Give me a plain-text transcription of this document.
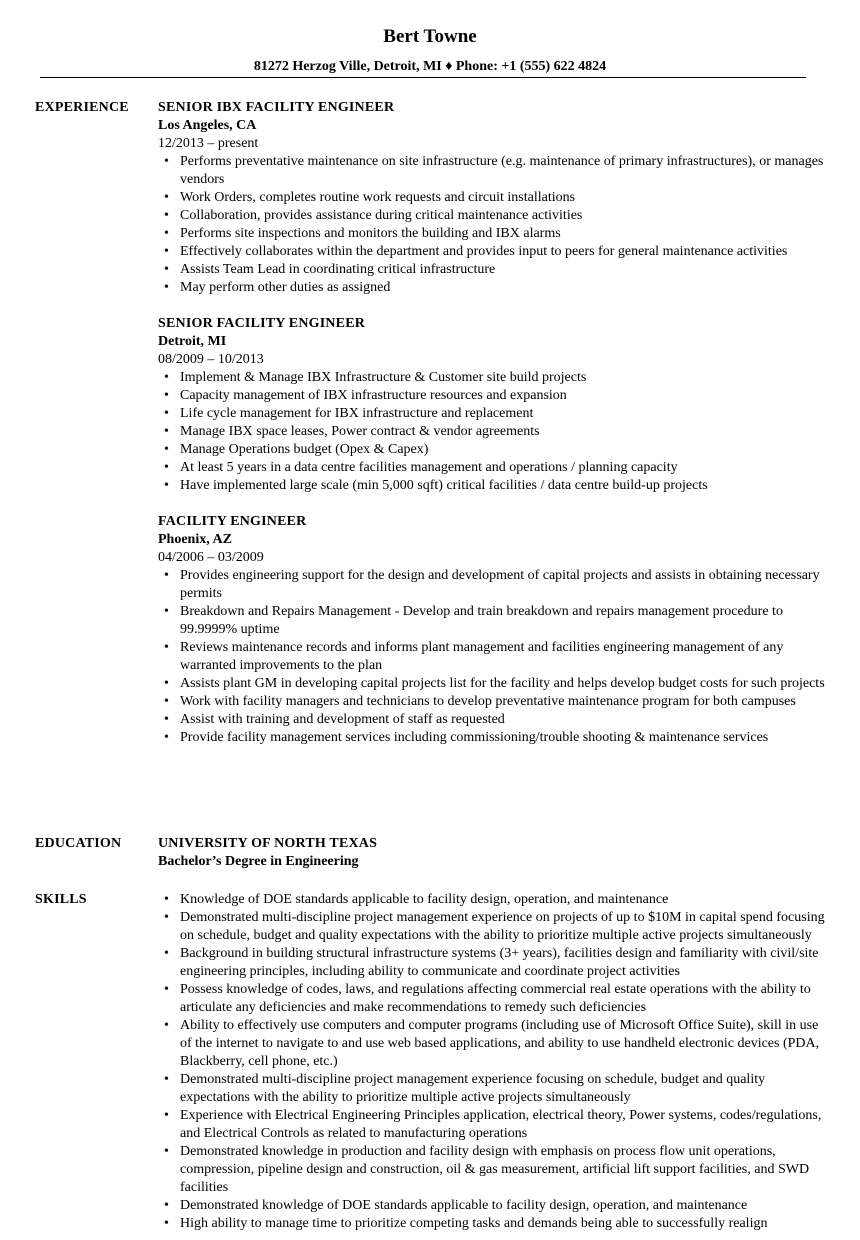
Bert Towne
81272 Herzog Ville, Detroit, MI ♦ Phone: +1 (555) 622 4824
EXPERIENCE	SENIOR IBX FACILITY ENGINEER
Los Angeles, CA
12/2013 – present
• Performs preventative maintenance on site infrastructure (e.g. maintenance of primary infrastructures), or manages vendors
• Work Orders, completes routine work requests and circuit installations
• Collaboration, provides assistance during critical maintenance activities
• Performs site inspections and monitors the building and IBX alarms
• Effectively collaborates within the department and provides input to peers for general maintenance activities
• Assists Team Lead in coordinating critical infrastructure
• May perform other duties as assigned
SENIOR FACILITY ENGINEER
Detroit, MI
08/2009 – 10/2013
• Implement & Manage IBX Infrastructure & Customer site build projects
• Capacity management of IBX infrastructure resources and expansion
• Life cycle management for IBX infrastructure and replacement
• Manage IBX space leases, Power contract & vendor agreements
• Manage Operations budget (Opex & Capex)
• At least 5 years in a data centre facilities management and operations / planning capacity
• Have implemented large scale (min 5,000 sqft) critical facilities / data centre build-up projects
FACILITY ENGINEER
Phoenix, AZ
04/2006 – 03/2009
• Provides engineering support for the design and development of capital projects and assists in obtaining necessary permits
• Breakdown and Repairs Management - Develop and train breakdown and repairs management procedure to 99.9999% uptime
• Reviews maintenance records and informs plant management and facilities engineering management of any warranted improvements to the plan
• Assists plant GM in developing capital projects list for the facility and helps develop budget costs for such projects
• Work with facility managers and technicians to develop preventative maintenance program for both campuses
• Assist with training and development of staff as requested
• Provide facility management services including commissioning/trouble shooting & maintenance services
EDUCATION	UNIVERSITY OF NORTH TEXAS
Bachelor’s Degree in Engineering
SKILLS	• Knowledge of DOE standards applicable to facility design, operation, and maintenance
• Demonstrated multi-discipline project management experience on projects of up to $10M in capital spend focusing on schedule, budget and quality expectations with the ability to prioritize multiple active projects simultaneously
• Background in building structural infrastructure systems (3+ years), facilities design and familiarity with civil/site engineering principles, including ability to communicate and coordinate project activities
• Possess knowledge of codes, laws, and regulations affecting commercial real estate operations with the ability to articulate any deficiencies and make recommendations to remedy such deficiencies
• Ability to effectively use computers and computer programs (including use of Microsoft Office Suite), skill in use of the internet to navigate to and use web based applications, and ability to use handheld electronic devices (PDA, Blackberry, cell phone, etc.)
• Demonstrated multi-discipline project management experience focusing on schedule, budget and quality expectations with the ability to prioritize multiple active projects simultaneously
• Experience with Electrical Engineering Principles application, electrical theory, Power systems, codes/regulations, and Electrical Controls as related to manufacturing operations
• Demonstrated knowledge in production and facility design with emphasis on process flow unit operations, compression, pipeline design and construction, oil & gas measurement, artificial lift support facilities, and SWD facilities
• Demonstrated knowledge of DOE standards applicable to facility design, operation, and maintenance
• High ability to manage time to prioritize competing tasks and demands being able to successfully realign
